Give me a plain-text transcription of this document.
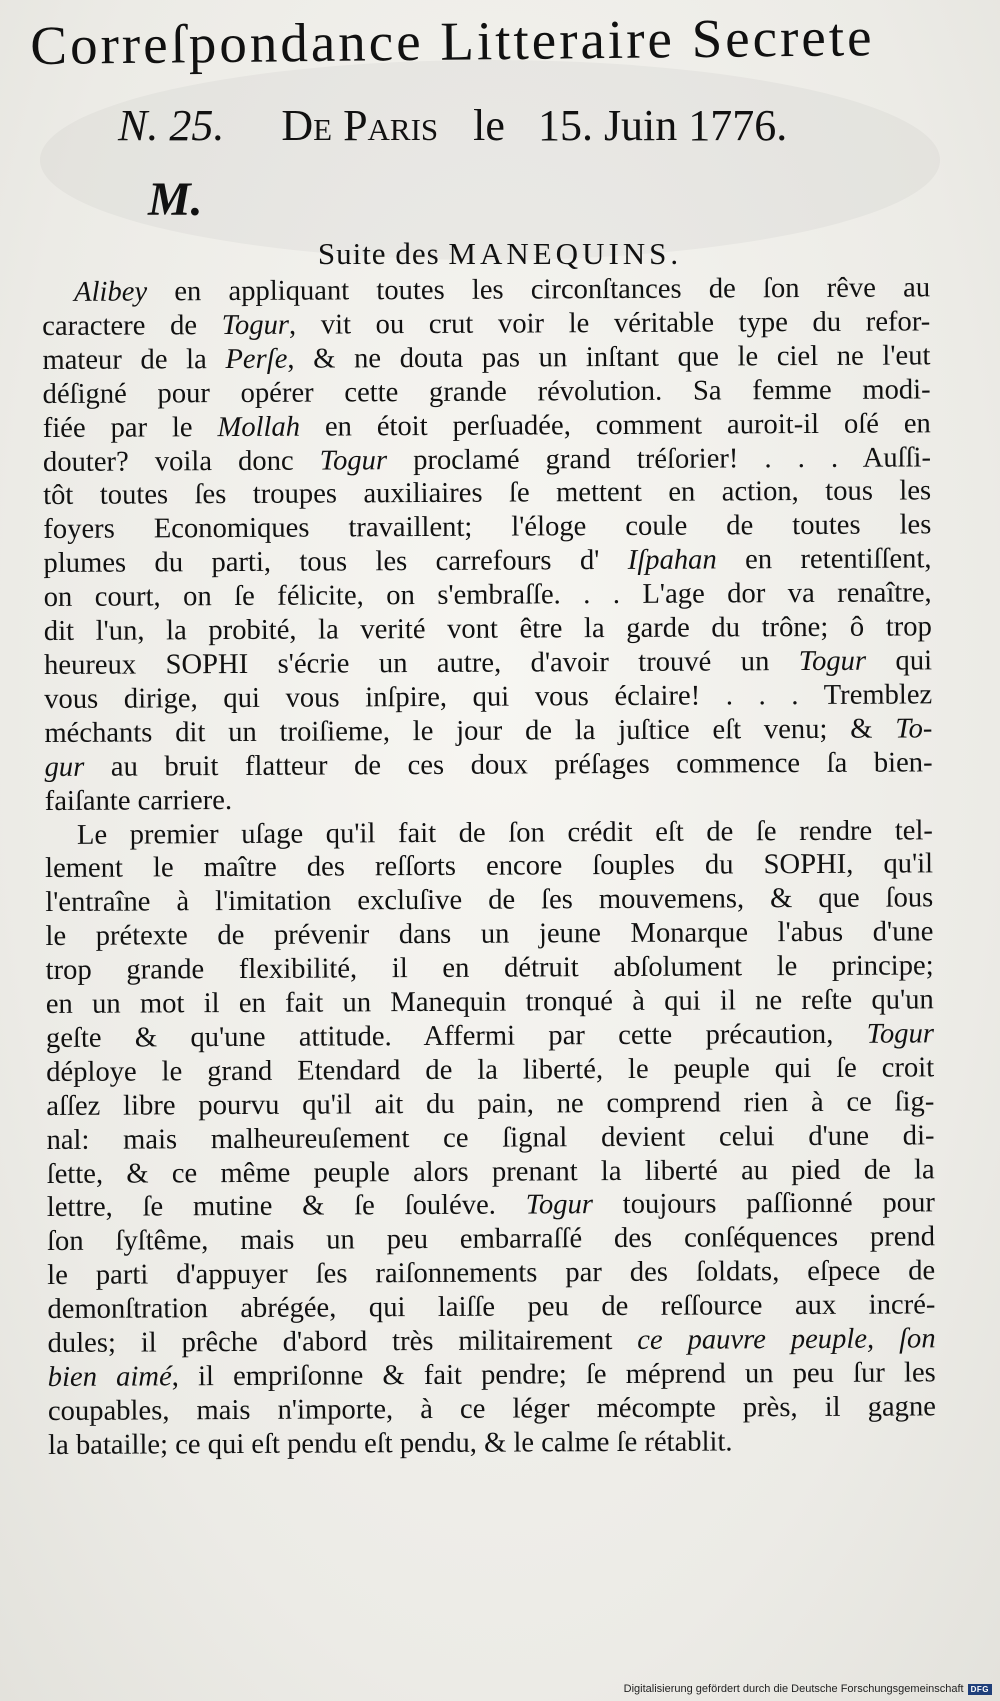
Correſpondance Litteraire Secrete
N. 25. De Paris le 15. Juin 1776.
M.
Suite des MANEQUINS.
Alibey en appliquant toutes les circonſtances de ſon rêve au
caractere de Togur, vit ou crut voir le véritable type du refor-
mateur de la Perſe, & ne douta pas un inſtant que le ciel ne l'eut
déſigné pour opérer cette grande révolution. Sa femme modi-
fiée par le Mollah en étoit perſuadée, comment auroit-il oſé en
douter? voila donc Togur proclamé grand tréſorier! . . . Auſſi-
tôt toutes ſes troupes auxiliaires ſe mettent en action, tous les
foyers Economiques travaillent; l'éloge coule de toutes les
plumes du parti, tous les carrefours d' Iſpahan en retentiſſent,
on court, on ſe félicite, on s'embraſſe. . . L'age dor va renaître,
dit l'un, la probité, la verité vont être la garde du trône; ô trop
heureux SOPHI s'écrie un autre, d'avoir trouvé un Togur qui
vous dirige, qui vous inſpire, qui vous éclaire! . . . Tremblez
méchants dit un troiſieme, le jour de la juſtice eſt venu; & To-
gur au bruit flatteur de ces doux préſages commence ſa bien-
faiſante carriere.
Le premier uſage qu'il fait de ſon crédit eſt de ſe rendre tel-
lement le maître des reſſorts encore ſouples du SOPHI, qu'il
l'entraîne à l'imitation excluſive de ſes mouvemens, & que ſous
le prétexte de prévenir dans un jeune Monarque l'abus d'une
trop grande flexibilité, il en détruit abſolument le principe;
en un mot il en fait un Manequin tronqué à qui il ne reſte qu'un
geſte & qu'une attitude. Affermi par cette précaution, Togur
déploye le grand Etendard de la liberté, le peuple qui ſe croit
aſſez libre pourvu qu'il ait du pain, ne comprend rien à ce ſig-
nal: mais malheureuſement ce ſignal devient celui d'une di-
ſette, & ce même peuple alors prenant la liberté au pied de la
lettre, ſe mutine & ſe ſouléve. Togur toujours paſſionné pour
ſon ſyſtême, mais un peu embarraſſé des conſéquences prend
le parti d'appuyer ſes raiſonnements par des ſoldats, eſpece de
demonſtration abrégée, qui laiſſe peu de reſſource aux incré-
dules; il prêche d'abord très militairement ce pauvre peuple, ſon
bien aimé, il empriſonne & fait pendre; ſe méprend un peu ſur les
coupables, mais n'importe, à ce léger mécompte près, il gagne
la bataille; ce qui eſt pendu eſt pendu, & le calme ſe rétablit.
Digitalisierung gefördert durch die Deutsche Forschungsgemeinschaft DFG
